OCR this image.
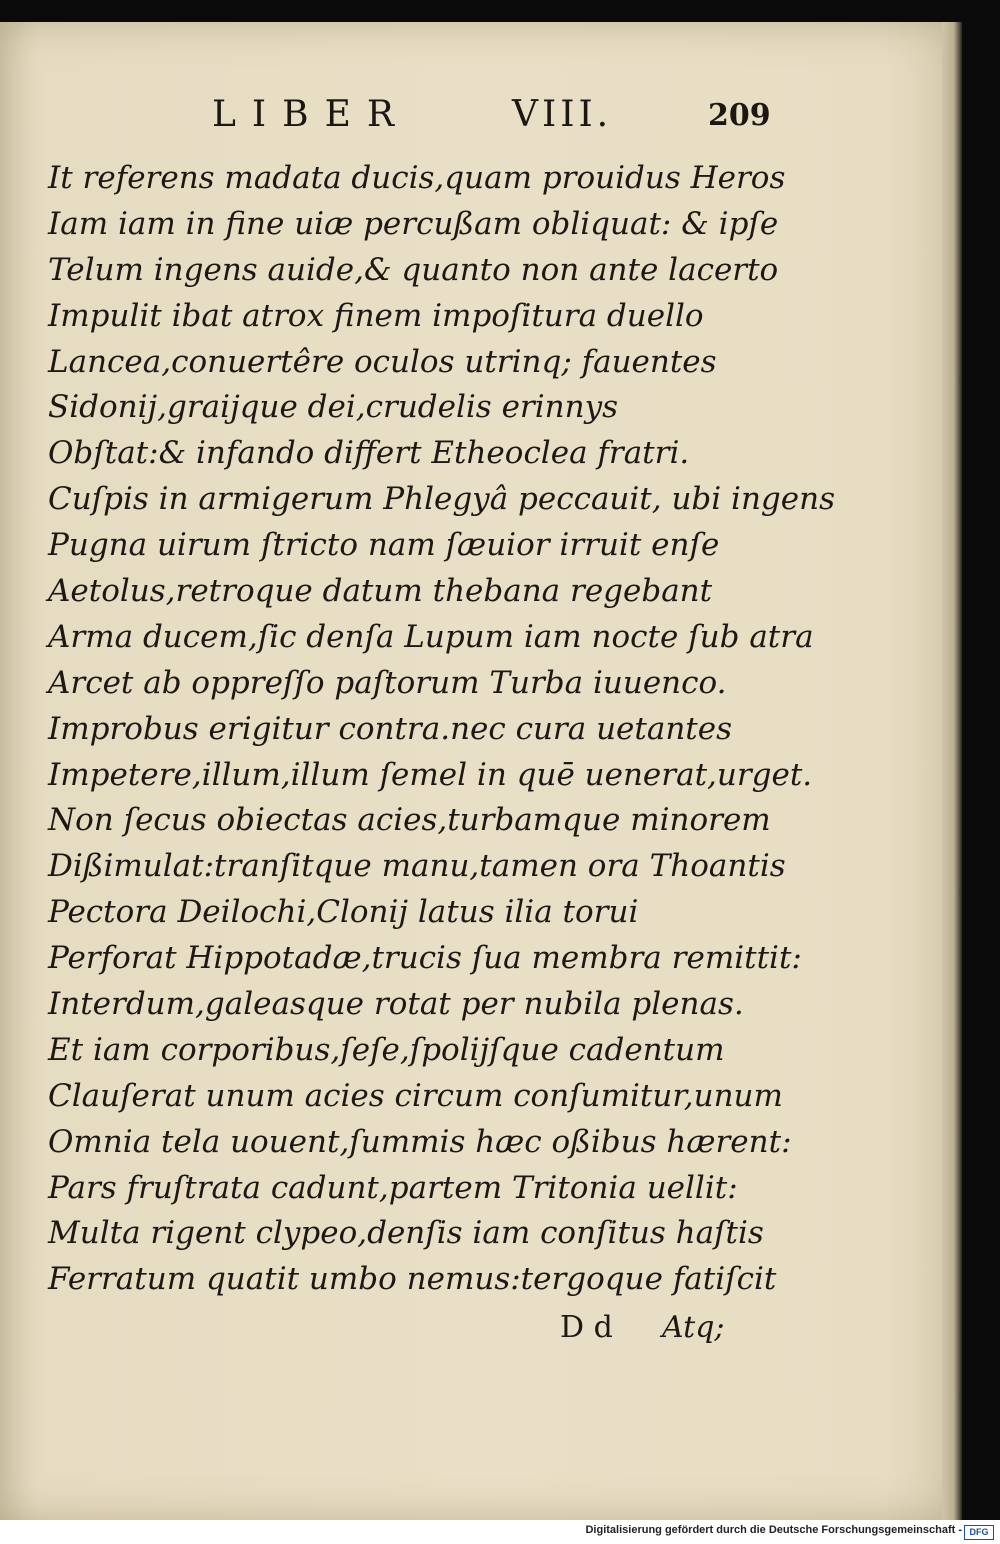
LIBER	VIII.	209
It referens madata ducis,quam prouidus Heros
Iam iam in fine uiæ percußam obliquat: & ipſe
Telum ingens auide,& quanto non ante lacerto
Impulit ibat atrox finem impoſitura duello
Lancea,conuertêre oculos utrinq; fauentes
Sidonij,graijque dei,crudelis erinnys
Obſtat:& infando differt Etheoclea fratri.
Cuſpis in armigerum Phlegyâ peccauit, ubi ingens
Pugna uirum ſtricto nam ſæuior irruit enſe
Aetolus,retroque datum thebana regebant
Arma ducem,ſic denſa Lupum iam nocte ſub atra
Arcet ab oppreſſo paſtorum Turba iuuenco.
Improbus erigitur contra.nec cura uetantes
Impetere,illum,illum ſemel in quē uenerat,urget.
Non ſecus obiectas acies,turbamque minorem
Dißimulat:tranſitque manu,tamen ora Thoantis
Pectora Deilochi,Clonij latus ilia torui
Perforat Hippotadæ,trucis ſua membra remittit:
Interdum,galeasque rotat per nubila plenas.
Et iam corporibus,ſeſe,ſpolijſque cadentum
Clauſerat unum acies circum conſumitur,unum
Omnia tela uouent,ſummis hæc oßibus hærent:
Pars fruſtrata cadunt,partem Tritonia uellit:
Multa rigent clypeo,denſis iam conſitus haſtis
Ferratum quatit umbo nemus:tergoque fatiſcit
D d Atq;
Digitalisierung gefördert durch die Deutsche Forschungsgemeinschaft - DFG
